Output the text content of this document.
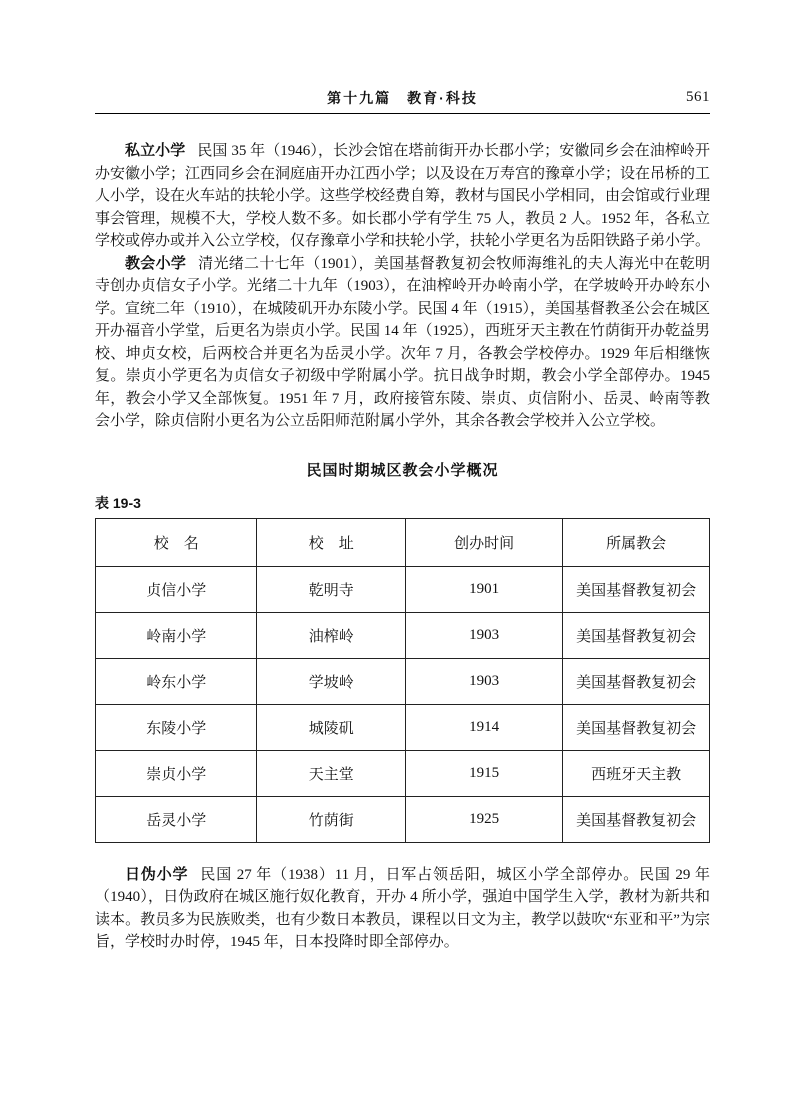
第十九篇　教育·科技	561

私立小学 民国 35 年（1946），长沙会馆在塔前街开办长郡小学；安徽同乡会在油榨岭开办安徽小学；江西同乡会在洞庭庙开办江西小学；以及设在万寿宫的豫章小学；设在吊桥的工人小学，设在火车站的扶轮小学。这些学校经费自筹，教材与国民小学相同，由会馆或行业理事会管理，规模不大，学校人数不多。如长郡小学有学生 75 人，教员 2 人。1952 年，各私立学校或停办或并入公立学校，仅存豫章小学和扶轮小学，扶轮小学更名为岳阳铁路子弟小学。

教会小学 清光绪二十七年（1901），美国基督教复初会牧师海维礼的夫人海光中在乾明寺创办贞信女子小学。光绪二十九年（1903），在油榨岭开办岭南小学，在学坡岭开办岭东小学。宣统二年（1910），在城陵矶开办东陵小学。民国 4 年（1915），美国基督教圣公会在城区开办福音小学堂，后更名为崇贞小学。民国 14 年（1925），西班牙天主教在竹荫街开办乾益男校、坤贞女校，后两校合并更名为岳灵小学。次年 7 月，各教会学校停办。1929 年后相继恢复。崇贞小学更名为贞信女子初级中学附属小学。抗日战争时期，教会小学全部停办。1945 年，教会小学又全部恢复。1951 年 7 月，政府接管东陵、崇贞、贞信附小、岳灵、岭南等教会小学，除贞信附小更名为公立岳阳师范附属小学外，其余各教会学校并入公立学校。

民国时期城区教会小学概况
表 19-3
校　名	校　址	创办时间	所属教会
贞信小学	乾明寺	1901	美国基督教复初会
岭南小学	油榨岭	1903	美国基督教复初会
岭东小学	学坡岭	1903	美国基督教复初会
东陵小学	城陵矶	1914	美国基督教复初会
崇贞小学	天主堂	1915	西班牙天主教
岳灵小学	竹荫街	1925	美国基督教复初会

日伪小学 民国 27 年（1938）11 月，日军占领岳阳，城区小学全部停办。民国 29 年（1940），日伪政府在城区施行奴化教育，开办 4 所小学，强迫中国学生入学，教材为新共和读本。教员多为民族败类，也有少数日本教员，课程以日文为主，教学以鼓吹“东亚和平”为宗旨，学校时办时停，1945 年，日本投降时即全部停办。
